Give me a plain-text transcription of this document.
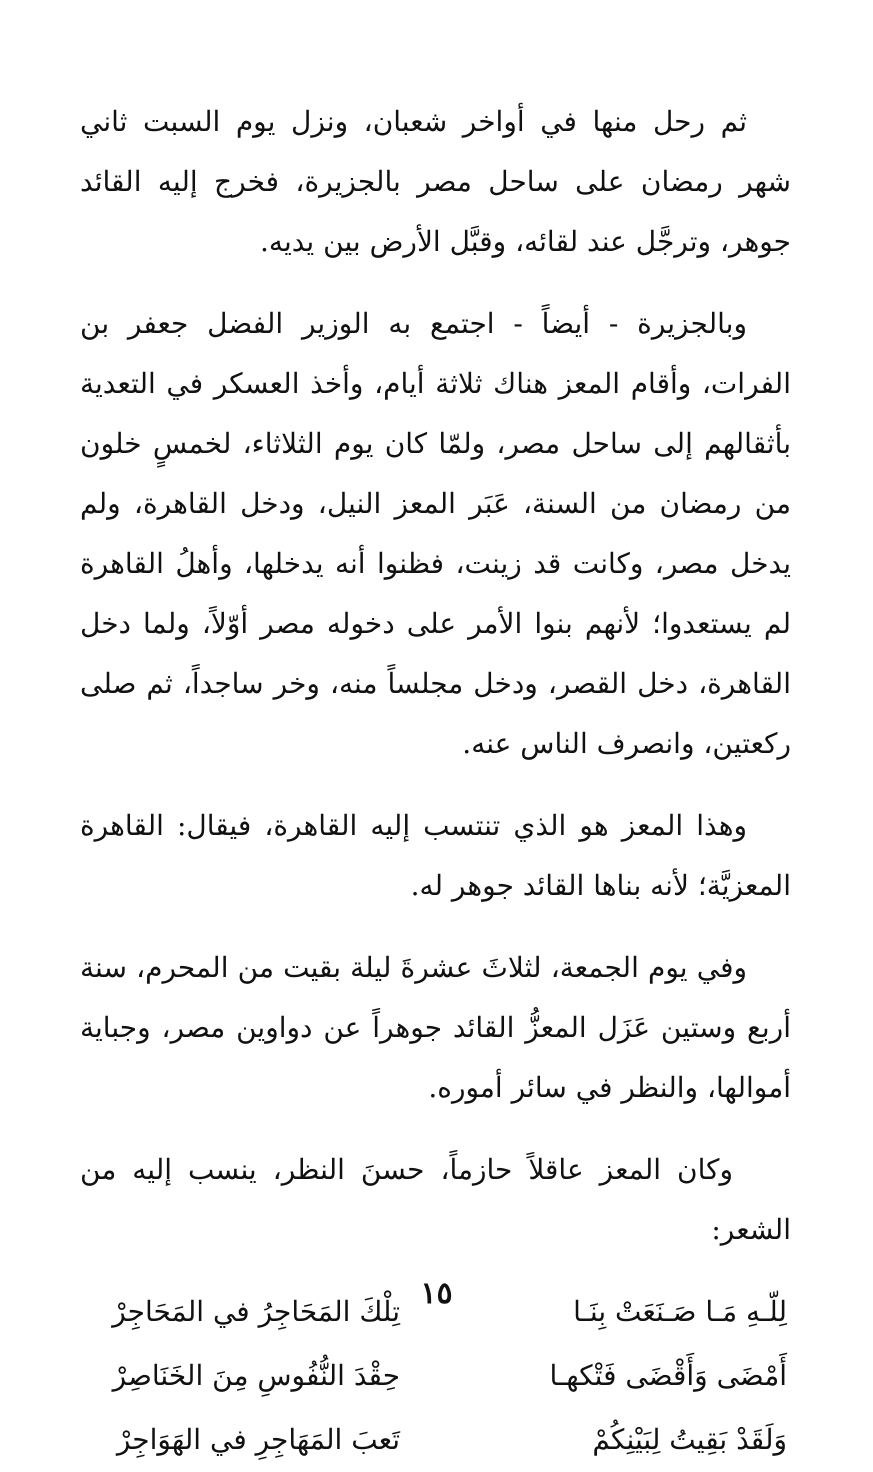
ثم رحل منها في أواخر شعبان، ونزل يوم السبت ثاني شهر رمضان على ساحل مصر بالجزيرة، فخرج إليه القائد جوهر، وترجَّل عند لقائه، وقبَّل الأرض بين يديه.

وبالجزيرة - أيضاً - اجتمع به الوزير الفضل جعفر بن الفرات، وأقام المعز هناك ثلاثة أيام، وأخذ العسكر في التعدية بأثقالهم إلى ساحل مصر، ولمّا كان يوم الثلاثاء، لخمسٍ خلون من رمضان من السنة، عَبَر المعز النيل، ودخل القاهرة، ولم يدخل مصر، وكانت قد زينت، فظنوا أنه يدخلها، وأهلُ القاهرة لم يستعدوا؛ لأنهم بنوا الأمر على دخوله مصر أوّلاً، ولما دخل القاهرة، دخل القصر، ودخل مجلساً منه، وخر ساجداً، ثم صلى ركعتين، وانصرف الناس عنه.

وهذا المعز هو الذي تنتسب إليه القاهرة، فيقال: القاهرة المعزيَّة؛ لأنه بناها القائد جوهر له.

وفي يوم الجمعة، لثلاثَ عشرةَ ليلة بقيت من المحرم، سنة أربع وستين عَزَل المعزُّ القائد جوهراً عن دواوين مصر، وجباية أموالها، والنظر في سائر أموره.

وكان المعز عاقلاً حازماً، حسنَ النظر، ينسب إليه من الشعر:

لِلّـهِ مَـا صَـنَعَتْ بِنَـا
تِلْكَ المَحَاجِرُ في المَحَاجِرْ
أَمْضَى وَأَقْضَى فَتْكهـا
حِقْدَ النُّفُوسِ مِنَ الخَنَاصِرْ
وَلَقَدْ بَقِيتُ لِبَيْنِكُمْ
تَعبَ المَهَاجِرِ في الهَوَاجِرْ
١٥
